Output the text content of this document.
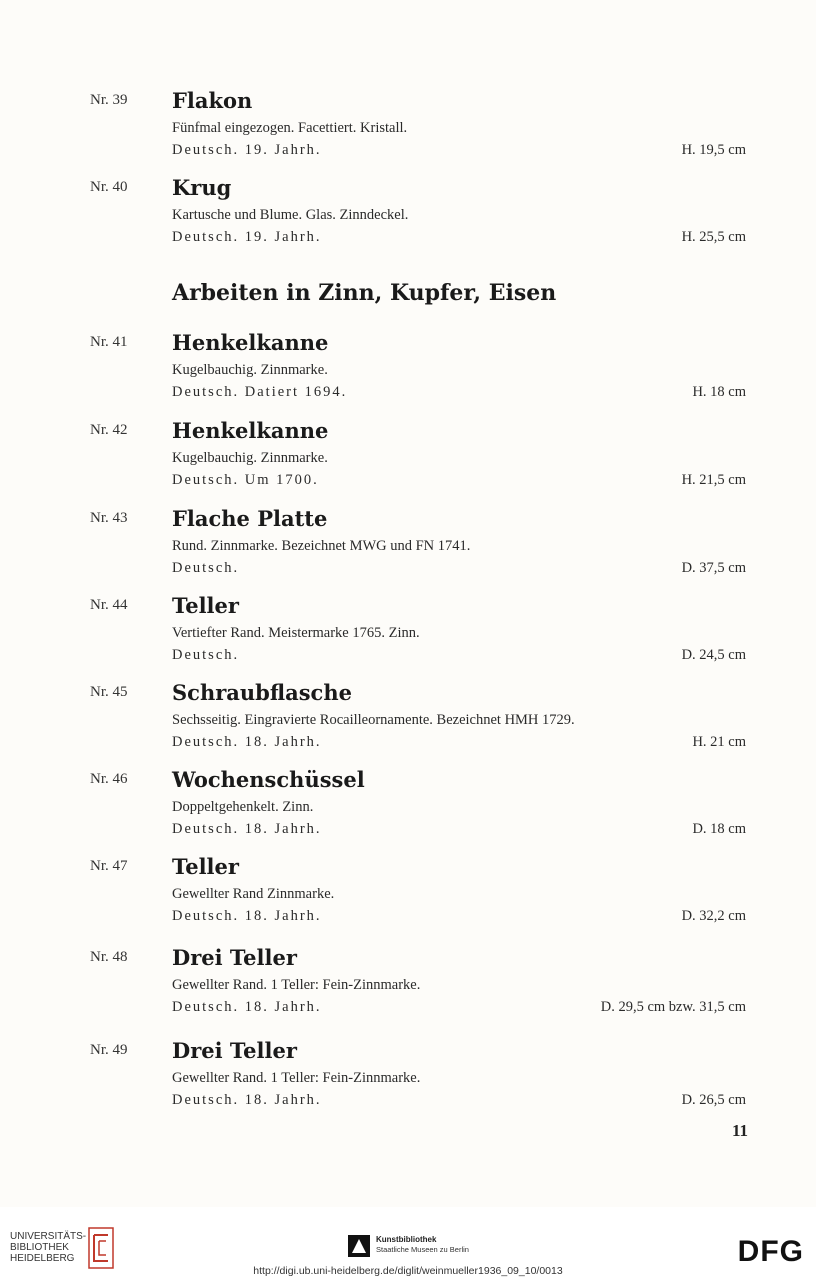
Nr. 39 Flakon
Fünfmal eingezogen. Facettiert. Kristall.
Deutsch. 19. Jahrh.	H. 19,5 cm
Nr. 40 Krug
Kartusche und Blume. Glas. Zinndeckel.
Deutsch. 19. Jahrh.	H. 25,5 cm
Arbeiten in Zinn, Kupfer, Eisen
Nr. 41 Henkelkanne
Kugelbauchig. Zinnmarke.
Deutsch. Datiert 1694.	H. 18 cm
Nr. 42 Henkelkanne
Kugelbauchig. Zinnmarke.
Deutsch. Um 1700.	H. 21,5 cm
Nr. 43 Flache Platte
Rund. Zinnmarke. Bezeichnet MWG und FN 1741.
Deutsch.	D. 37,5 cm
Nr. 44 Teller
Vertiefter Rand. Meistermarke 1765. Zinn.
Deutsch.	D. 24,5 cm
Nr. 45 Schraubflasche
Sechsseitig. Eingravierte Rocailleornamente. Bezeichnet HMH 1729.
Deutsch. 18. Jahrh.	H. 21 cm
Nr. 46 Wochenschüssel
Doppeltgehenkelt. Zinn.
Deutsch. 18. Jahrh.	D. 18 cm
Nr. 47 Teller
Gewellter Rand Zinnmarke.
Deutsch. 18. Jahrh.	D. 32,2 cm
Nr. 48 Drei Teller
Gewellter Rand. 1 Teller: Fein-Zinnmarke.
Deutsch. 18. Jahrh.	D. 29,5 cm bzw. 31,5 cm
Nr. 49 Drei Teller
Gewellter Rand. 1 Teller: Fein-Zinnmarke.
Deutsch. 18. Jahrh.	D. 26,5 cm
11
UNIVERSITÄTS-
BIBLIOTHEK
HEIDELBERG
Kunstbibliothek
Staatliche Museen zu Berlin	DFG
http://digi.ub.uni-heidelberg.de/diglit/weinmueller1936_09_10/0013
